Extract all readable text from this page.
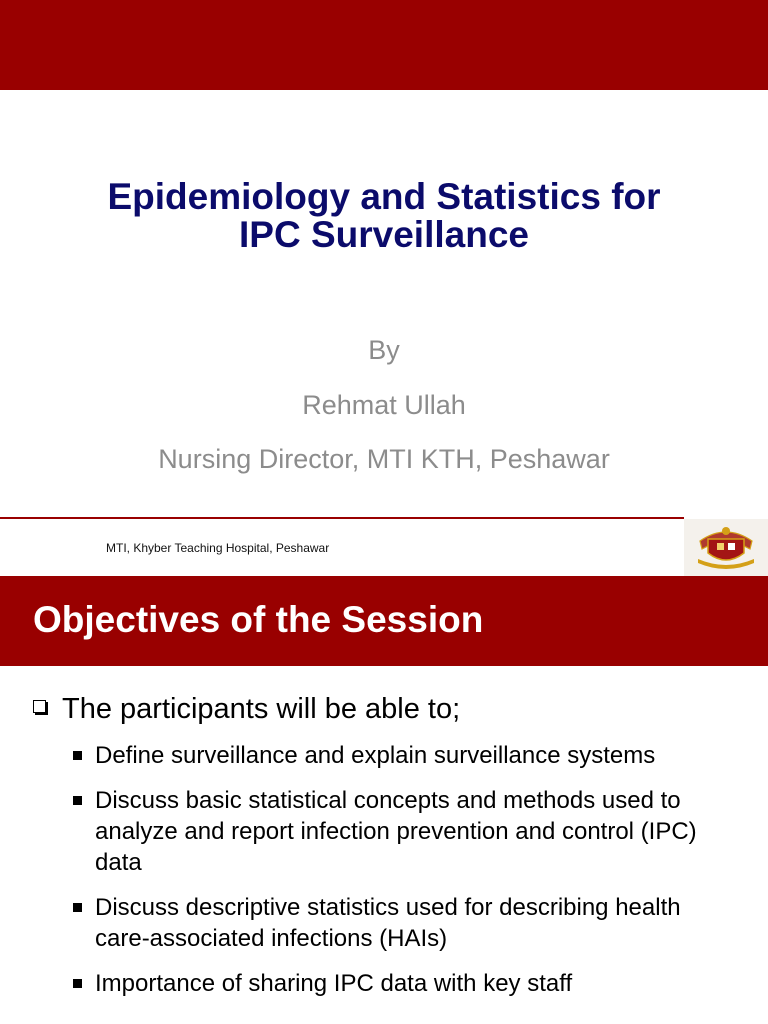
Epidemiology and Statistics for
IPC Surveillance
By
Rehmat Ullah
Nursing Director, MTI KTH, Peshawar
MTI, Khyber Teaching Hospital, Peshawar
Objectives of the Session
The participants will be able to;
Define surveillance and explain surveillance systems
Discuss basic statistical concepts and methods used to analyze and report infection prevention and control (IPC) data
Discuss descriptive statistics used for describing health care-associated infections (HAIs)
Importance of sharing IPC data with key staff
